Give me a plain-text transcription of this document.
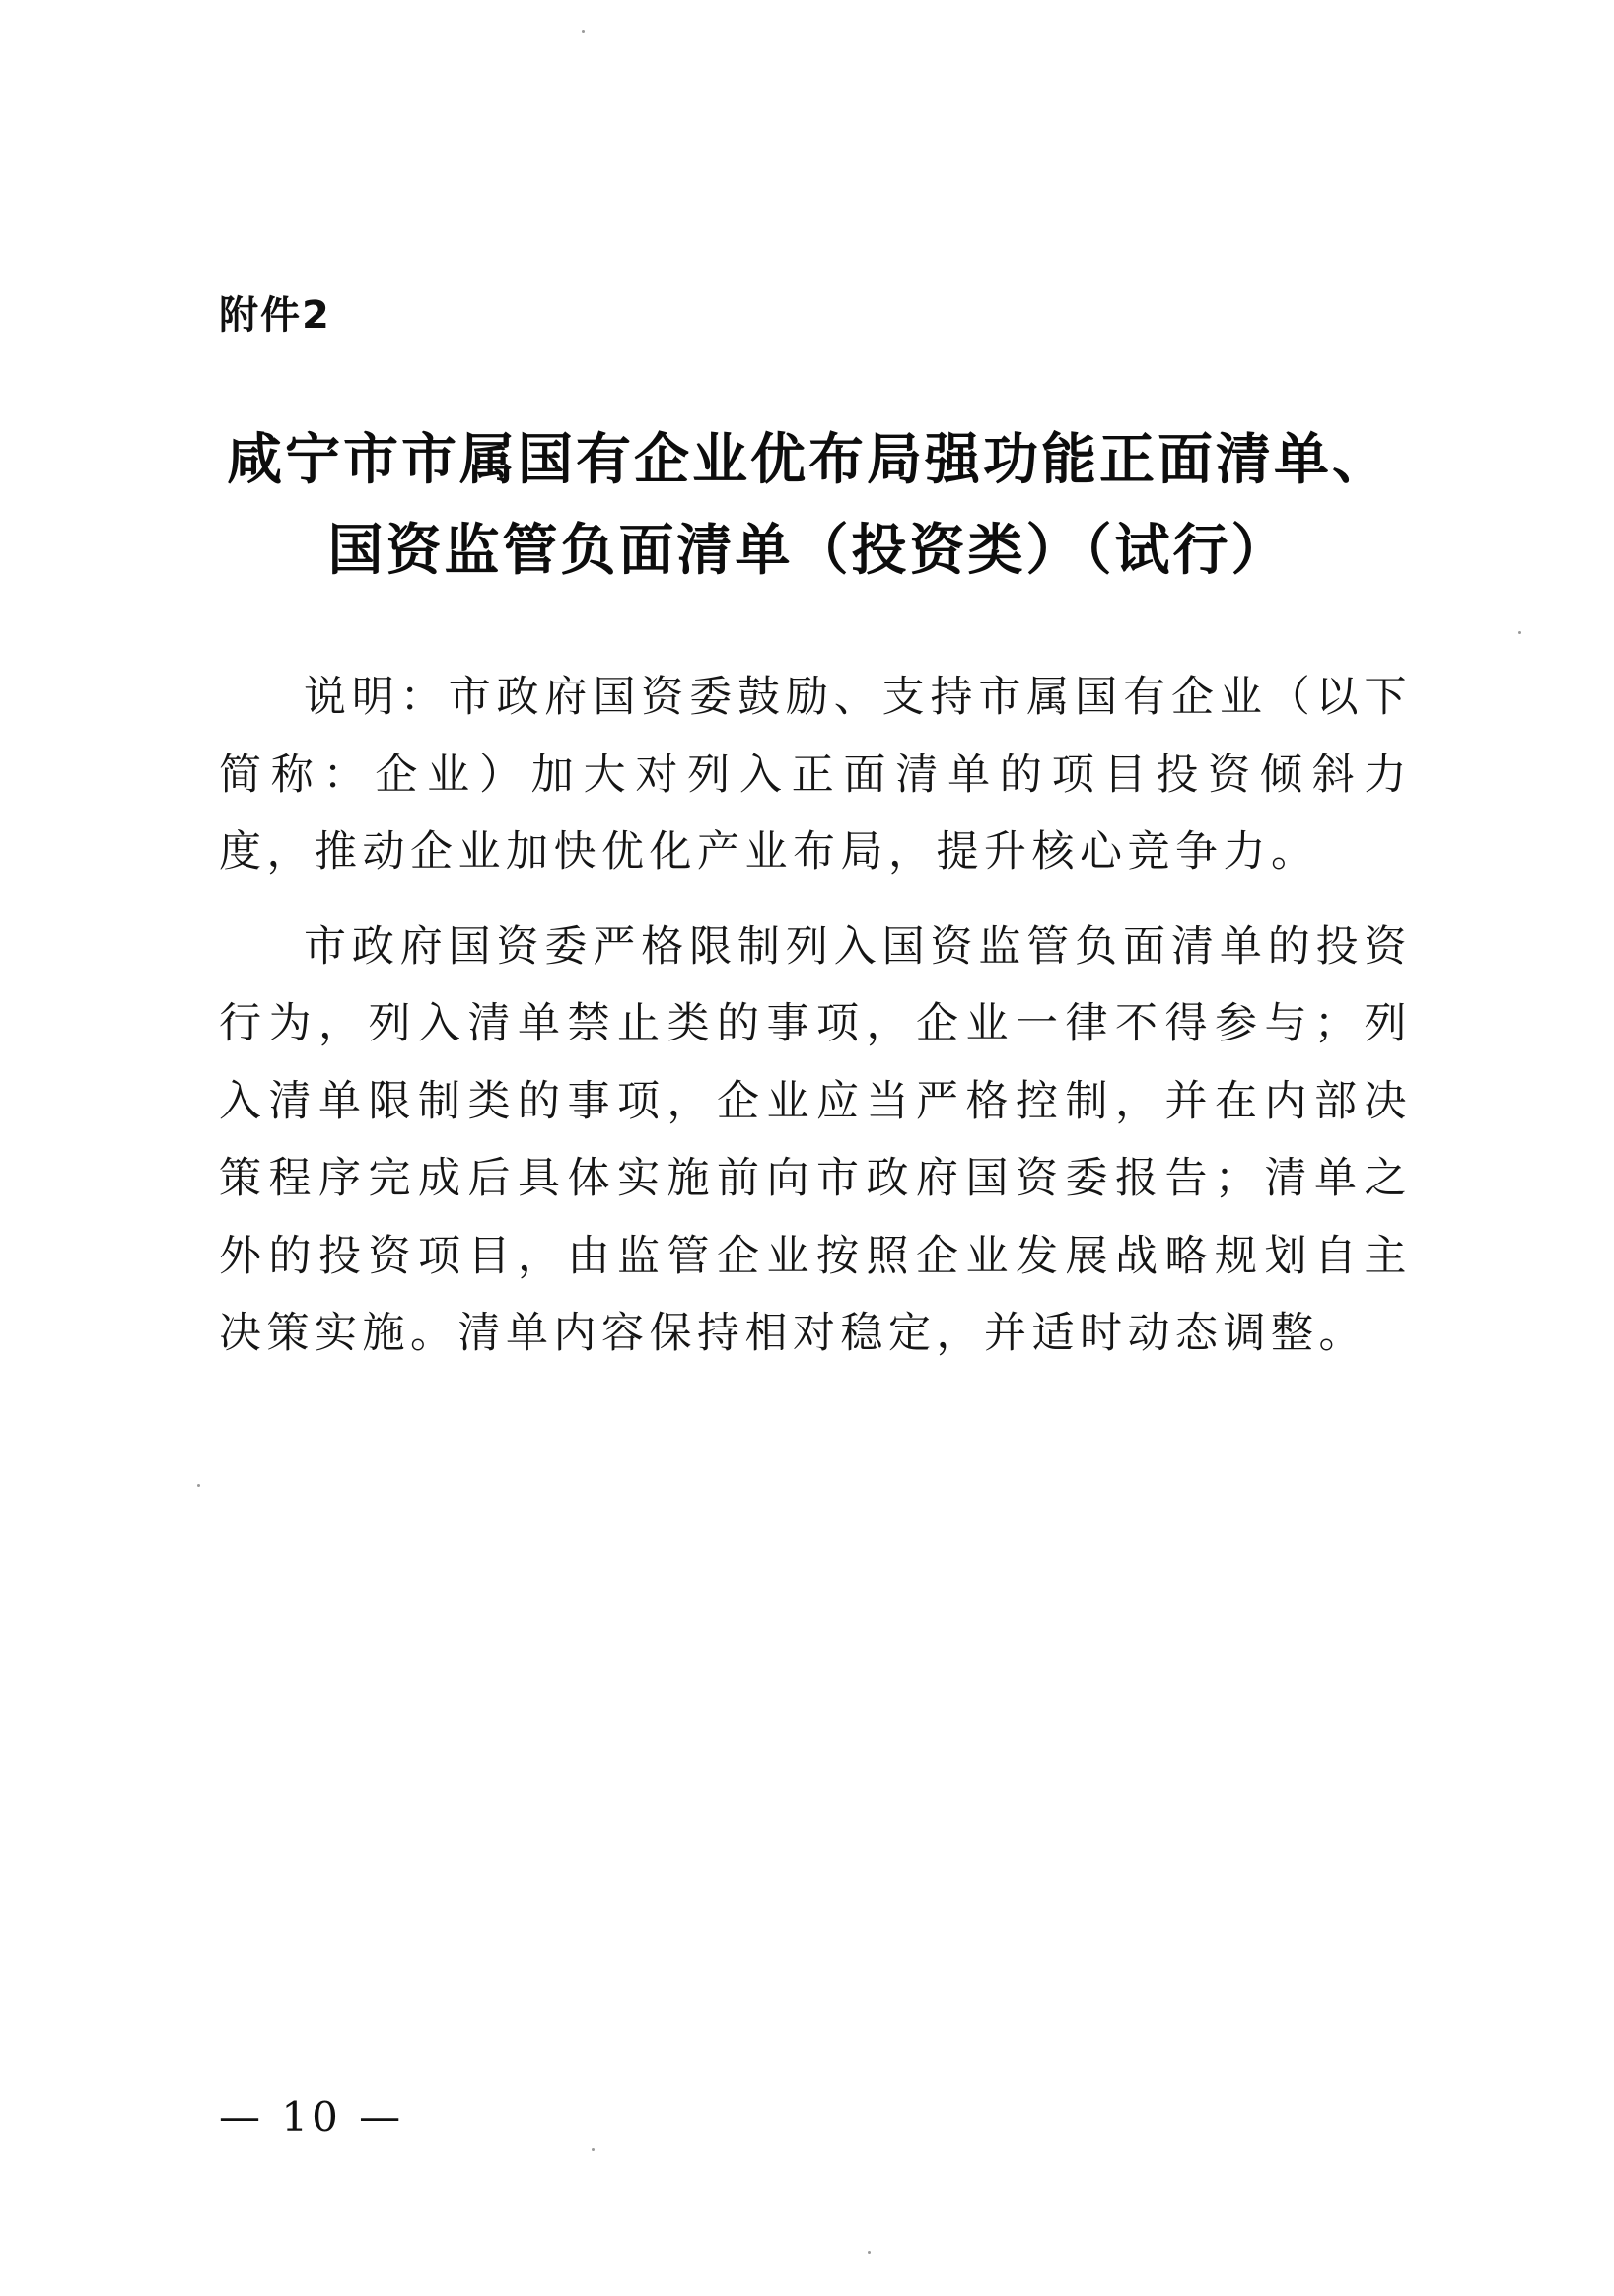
附件2
咸宁市市属国有企业优布局强功能正面清单、
国资监管负面清单（投资类）（试行）

说明：市政府国资委鼓励、支持市属国有企业（以下简称：企业）加大对列入正面清单的项目投资倾斜力度，推动企业加快优化产业布局，提升核心竞争力。

市政府国资委严格限制列入国资监管负面清单的投资行为，列入清单禁止类的事项，企业一律不得参与；列入清单限制类的事项，企业应当严格控制，并在内部决策程序完成后具体实施前向市政府国资委报告；清单之外的投资项目，由监管企业按照企业发展战略规划自主决策实施。清单内容保持相对稳定，并适时动态调整。

— 10 —
